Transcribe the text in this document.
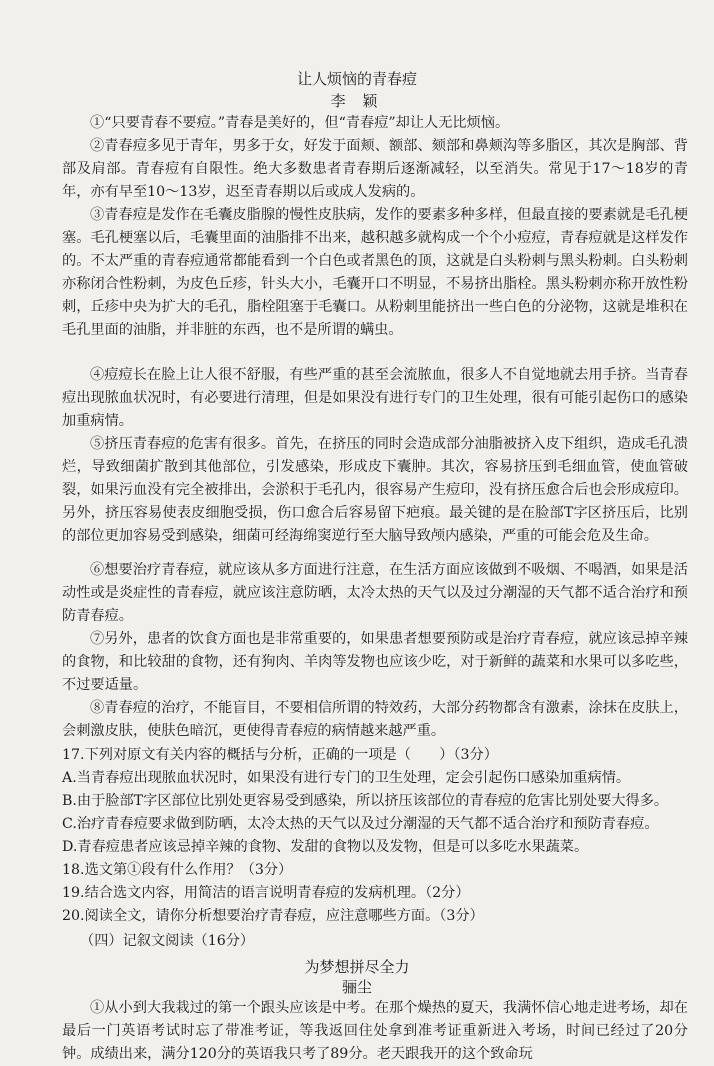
让人烦恼的青春痘
李 颖

①“只要青春不要痘。”青春是美好的，但“青春痘”却让人无比烦恼。

②青春痘多见于青年，男多于女，好发于面颊、额部、颏部和鼻颊沟等多脂区，其次是胸部、背部及肩部。青春痘有自限性。绝大多数患者青春期后逐渐减轻，以至消失。常见于17～18岁的青年，亦有早至10～13岁，迟至青春期以后或成人发病的。

③青春痘是发作在毛囊皮脂腺的慢性皮肤病，发作的要素多种多样，但最直接的要素就是毛孔梗塞。毛孔梗塞以后，毛囊里面的油脂排不出来，越积越多就构成一个个小痘痘，青春痘就是这样发作的。不太严重的青春痘通常都能看到一个白色或者黑色的顶，这就是白头粉刺与黑头粉刺。白头粉刺亦称闭合性粉刺，为皮色丘疹，针头大小，毛囊开口不明显，不易挤出脂栓。黑头粉刺亦称开放性粉刺，丘疹中央为扩大的毛孔，脂栓阻塞于毛囊口。从粉刺里能挤出一些白色的分泌物，这就是堆积在毛孔里面的油脂，并非脏的东西，也不是所谓的螨虫。

④痘痘长在脸上让人很不舒服，有些严重的甚至会流脓血，很多人不自觉地就去用手挤。当青春痘出现脓血状况时，有必要进行清理，但是如果没有进行专门的卫生处理，很有可能引起伤口的感染加重病情。

⑤挤压青春痘的危害有很多。首先，在挤压的同时会造成部分油脂被挤入皮下组织，造成毛孔溃烂，导致细菌扩散到其他部位，引发感染，形成皮下囊肿。其次，容易挤压到毛细血管，使血管破裂，如果污血没有完全被排出，会淤积于毛孔内，很容易产生痘印，没有挤压愈合后也会形成痘印。另外，挤压容易使表皮细胞受损，伤口愈合后容易留下疤痕。最关键的是在脸部T字区挤压后，比别的部位更加容易受到感染，细菌可经海绵窦逆行至大脑导致颅内感染，严重的可能会危及生命。

⑥想要治疗青春痘，就应该从多方面进行注意，在生活方面应该做到不吸烟、不喝酒，如果是活动性或是炎症性的青春痘，就应该注意防晒，太冷太热的天气以及过分潮湿的天气都不适合治疗和预防青春痘。

⑦另外，患者的饮食方面也是非常重要的，如果患者想要预防或是治疗青春痘，就应该忌掉辛辣的食物，和比较甜的食物，还有狗肉、羊肉等发物也应该少吃，对于新鲜的蔬菜和水果可以多吃些，不过要适量。

⑧青春痘的治疗，不能盲目，不要相信所谓的特效药，大部分药物都含有激素，涂抹在皮肤上，会刺激皮肤，使肤色暗沉，更使得青春痘的病情越来越严重。

17.下列对原文有关内容的概括与分析，正确的一项是（　　）（3分）
A.当青春痘出现脓血状况时，如果没有进行专门的卫生处理，定会引起伤口感染加重病情。
B.由于脸部T字区部位比别处更容易受到感染，所以挤压该部位的青春痘的危害比别处要大得多。
C.治疗青春痘要求做到防晒，太冷太热的天气以及过分潮湿的天气都不适合治疗和预防青春痘。
D.青春痘患者应该忌掉辛辣的食物、发甜的食物以及发物，但是可以多吃水果蔬菜。
18.选文第①段有什么作用？（3分）
19.结合选文内容，用简洁的语言说明青春痘的发病机理。（2分）
20.阅读全文，请你分析想要治疗青春痘，应注意哪些方面。（3分）
（四）记叙文阅读（16分）
为梦想拼尽全力
骊尘

①从小到大我栽过的第一个跟头应该是中考。在那个燥热的夏天，我满怀信心地走进考场，却在最后一门英语考试时忘了带准考证，等我返回住处拿到准考证重新进入考场，时间已经过了20分钟。成绩出来，满分120分的英语我只考了89分。老天跟我开的这个致命玩
